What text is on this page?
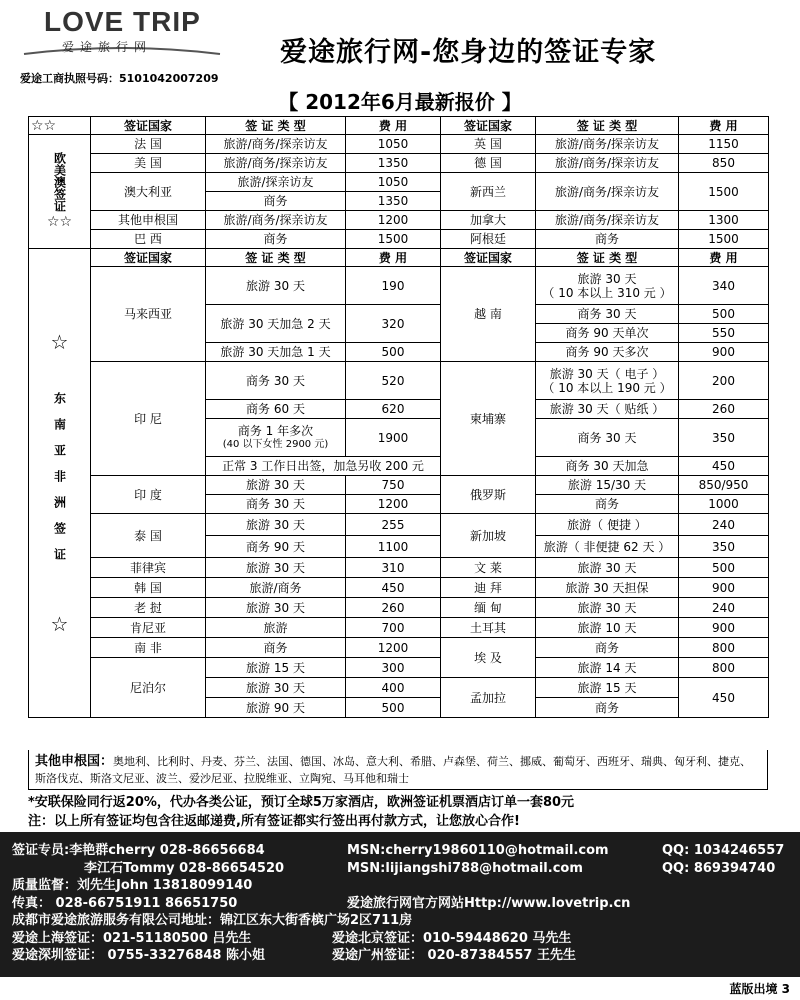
LOVE TRIP
爱途旅行网
爱途工商执照号码：5101042007209
爱途旅行网-您身边的签证专家
【 2012年6月最新报价 】
☆☆	签证国家	签 证 类 型	费 用	签证国家	签 证 类 型	费 用

欧美澳签证
☆☆	法 国	旅游/商务/探亲访友	1050	英 国	旅游/商务/探亲访友	1150
	美 国	旅游/商务/探亲访友	1350	德 国	旅游/商务/探亲访友	850
	澳大利亚	旅游/探亲访友	1050	新西兰	旅游/商务/探亲访友	1500
		商务	1350			
	其他申根国	旅游/商务/探亲访友	1200	加拿大	旅游/商务/探亲访友	1300
	巴 西	商务	1500	阿根廷	商务	1500

☆
东南亚非洲签证
☆	签证国家	签 证 类 型	费 用	签证国家	签 证 类 型	费 用
	马来西亚	旅游 30 天	190	越 南	旅游 30 天
（ 10 本以上 310 元 ）	340
		旅游 30 天加急 2 天	320		商务 30 天	500
					商务 90 天单次	550
		旅游 30 天加急 1 天	500		商务 90 天多次	900
	印 尼	商务 30 天	520	柬埔寨	旅游 30 天（ 电子 ）
（ 10 本以上 190 元 ）	200
		商务 60 天	620		旅游 30 天（ 贴纸 ）	260

		商务 1 年多次
(40 以下女性 2900 元)	1900		商务 30 天	350
		正常 3 工作日出签，加急另收 200 元			商务 30 天加急	450
	印 度	旅游 30 天	750	俄罗斯	旅游 15/30 天	850/950
		商务 30 天	1200		商务	1000
	泰 国	旅游 30 天	255	新加坡	旅游（ 便捷 ）	240
		商务 90 天	1100		旅游（ 非便捷 62 天 ）	350
	菲律宾	旅游 30 天	310	文 莱	旅游 30 天	500
	韩 国	旅游/商务	450	迪 拜	旅游 30 天担保	900
	老 挝	旅游 30 天	260	缅 甸	旅游 30 天	240
	肯尼亚	旅游	700	土耳其	旅游 10 天	900
	南 非	商务	1200	埃 及	商务	800
	尼泊尔	旅游 15 天	300		旅游 14 天	800
		旅游 30 天	400	孟加拉	旅游 15 天	450
		旅游 90 天	500		商务	
其他申根国：奥地利、比利时、丹麦、芬兰、法国、德国、冰岛、意大利、希腊、卢森堡、荷兰、挪威、葡萄牙、西班牙、瑞典、匈牙利、捷克、斯洛伐克、斯洛文尼亚、波兰、爱沙尼亚、拉脱维亚、立陶宛、马耳他和瑞士
*安联保险同行返20%，代办各类公证，预订全球5万家酒店，欧洲签证机票酒店订单一套80元
注：以上所有签证均包含往返邮递费,所有签证都实行签出再付款方式，让您放心合作!
签证专员:李艳群cherry 028-86656684	MSN:cherry19860110@hotmail.com	QQ: 1034246557
李江石Tommy 028-86654520	MSN:lijiangshi788@hotmail.com	QQ: 869394740
质量监督：刘先生John 13818099140
传真： 028-66751911 86651750	爱途旅行网官方网站Http://www.lovetrip.cn
成都市爱途旅游服务有限公司地址：锦江区东大街香槟广场2区711房
爱途上海签证：021-51180500 吕先生	爱途北京签证：010-59448620 马先生
爱途深圳签证： 0755-33276848 陈小姐	爱途广州签证： 020-87384557 王先生
蓝版出境 3
